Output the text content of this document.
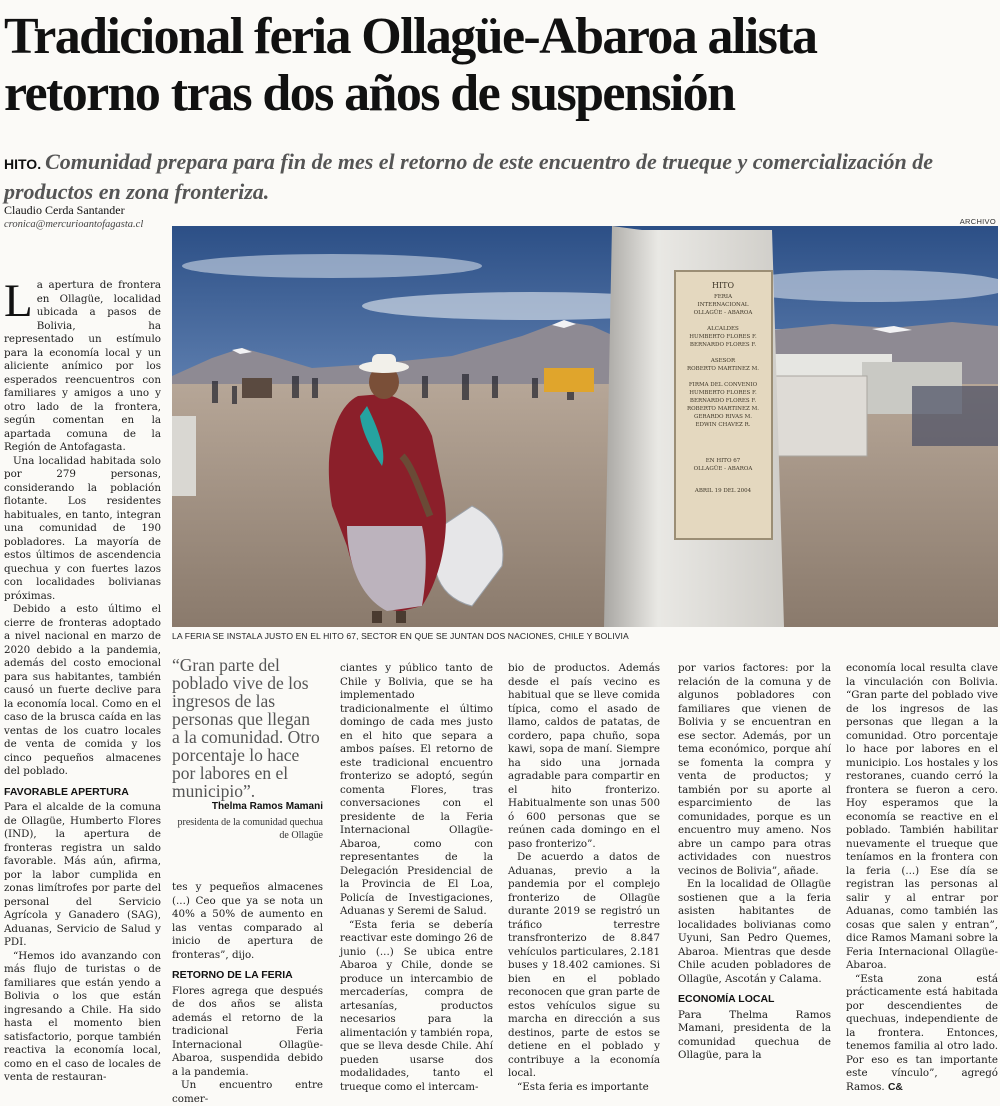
Tradicional feria Ollagüe-Abaroa alista
retorno tras dos años de suspensión
HITO. Comunidad prepara para fin de mes el retorno de este encuentro de trueque y comercialización de productos en zona fronteriza.
Claudio Cerda Santander
cronica@mercurioantofagasta.cl	ARCHIVO
HITO
FERIA
INTERNACIONAL
OLLAGÜE - ABAROA
ALCALDES
HUMBERTO FLORES F.
BERNARDO FLORES F.
ASESOR
ROBERTO MARTINEZ M.
FIRMA DEL CONVENIO
HUMBERTO FLORES F.
BERNARDO FLORES F.
ROBERTO MARTINEZ M.
GERARDO RIVAS M.
EDWIN CHAVEZ R.
EN HITO 67
OLLAGÜE - ABAROA
ABRIL 19 DEL 2004
LA FERIA SE INSTALA JUSTO EN EL HITO 67, SECTOR EN QUE SE JUNTAN DOS NACIONES, CHILE Y BOLIVIA
L a apertura de frontera en Ollagüe, localidad ubicada a pasos de Bolivia, ha representado un estímulo para la economía local y un aliciente anímico por los esperados reencuentros con familiares y amigos a uno y otro lado de la frontera, según comentan en la apartada comuna de la Región de Antofagasta.

Una localidad habitada solo por 279 personas, considerando la población flotante. Los residentes habituales, en tanto, integran una comunidad de 190 pobladores. La mayoría de estos últimos de ascendencia quechua y con fuertes lazos con localidades bolivianas próximas.

Debido a esto último el cierre de fronteras adoptado a nivel nacional en marzo de 2020 debido a la pandemia, además del costo emocional para sus habitantes, también causó un fuerte declive para la economía local. Como en el caso de la brusca caída en las ventas de los cuatro locales de venta de comida y los cinco pequeños almacenes del poblado.

FAVORABLE APERTURA

Para el alcalde de la comuna de Ollagüe, Humberto Flores (IND), la apertura de fronteras registra un saldo favorable. Más aún, afirma, por la labor cumplida en zonas limítrofes por parte del personal del Servicio Agrícola y Ganadero (SAG), Aduanas, Servicio de Salud y PDI.

“Hemos ido avanzando con más flujo de turistas o de familiares que están yendo a Bolivia o los que están ingresando a Chile. Ha sido hasta el momento bien satisfactorio, porque también reactiva la economía local, como en el caso de locales de venta de restauran-

“Gran parte del poblado vive de los ingresos de las personas que llegan a la comunidad. Otro porcentaje lo hace por labores en el municipio”.
Thelma Ramos Mamani
presidenta de la comunidad quechua de Ollagüe

tes y pequeños almacenes (...) Ceo que ya se nota un 40% a 50% de aumento en las ventas comparado al inicio de apertura de fronteras”, dijo.

RETORNO DE LA FERIA

Flores agrega que después de dos años se alista además el retorno de la tradicional Feria Internacional Ollagüe-Abaroa, suspendida debido a la pandemia.

Un encuentro entre comer-

ciantes y público tanto de Chile y Bolivia, que se ha implementado tradicionalmente el último domingo de cada mes justo en el hito que separa a ambos países. El retorno de este tradicional encuentro fronterizo se adoptó, según comenta Flores, tras conversaciones con el presidente de la Feria Internacional Ollagüe-Abaroa, como con representantes de la Delegación Presidencial de la Provincia de El Loa, Policía de Investigaciones, Aduanas y Seremi de Salud.

“Esta feria se debería reactivar este domingo 26 de junio (...) Se ubica entre Abaroa y Chile, donde se produce un intercambio de mercaderías, compra de artesanías, productos necesarios para la alimentación y también ropa, que se lleva desde Chile. Ahí pueden usarse dos modalidades, tanto el trueque como el intercam-

bio de productos. Además desde el país vecino es habitual que se lleve comida típica, como el asado de llamo, caldos de patatas, de cordero, papa chuño, sopa kawi, sopa de maní. Siempre ha sido una jornada agradable para compartir en el hito fronterizo. Habitualmente son unas 500 ó 600 personas que se reúnen cada domingo en el paso fronterizo”.

De acuerdo a datos de Aduanas, previo a la pandemia por el complejo fronterizo de Ollagüe durante 2019 se registró un tráfico terrestre transfronterizo de 8.847 vehículos particulares, 2.181 buses y 18.402 camiones. Si bien en el poblado reconocen que gran parte de estos vehículos sigue su marcha en dirección a sus destinos, parte de estos se detiene en el poblado y contribuye a la economía local.

“Esta feria es importante

por varios factores: por la relación de la comuna y de algunos pobladores con familiares que vienen de Bolivia y se encuentran en ese sector. Además, por un tema económico, porque ahí se fomenta la compra y venta de productos; y también por su aporte al esparcimiento de las comunidades, porque es un encuentro muy ameno. Nos abre un campo para otras actividades con nuestros vecinos de Bolivia”, añade.

En la localidad de Ollagüe sostienen que a la feria asisten habitantes de localidades bolivianas como Uyuni, San Pedro Quemes, Abaroa. Mientras que desde Chile acuden pobladores de Ollagüe, Ascotán y Calama.

ECONOMÍA LOCAL

Para Thelma Ramos Mamani, presidenta de la comunidad quechua de Ollagüe, para la

economía local resulta clave la vinculación con Bolivia. “Gran parte del poblado vive de los ingresos de las personas que llegan a la comunidad. Otro porcentaje lo hace por labores en el municipio. Los hostales y los restoranes, cuando cerró la frontera se fueron a cero. Hoy esperamos que la economía se reactive en el poblado. También habilitar nuevamente el trueque que teníamos en la frontera con la feria (...) Ese día se registran las personas al salir y al entrar por Aduanas, como también las cosas que salen y entran”, dice Ramos Mamani sobre la Feria Internacional Ollagüe-Abaroa.

“Esta zona está prácticamente está habitada por descendientes de quechuas, independiente de la frontera. Entonces, tenemos familia al otro lado. Por eso es tan importante este vínculo”, agregó Ramos. C&
